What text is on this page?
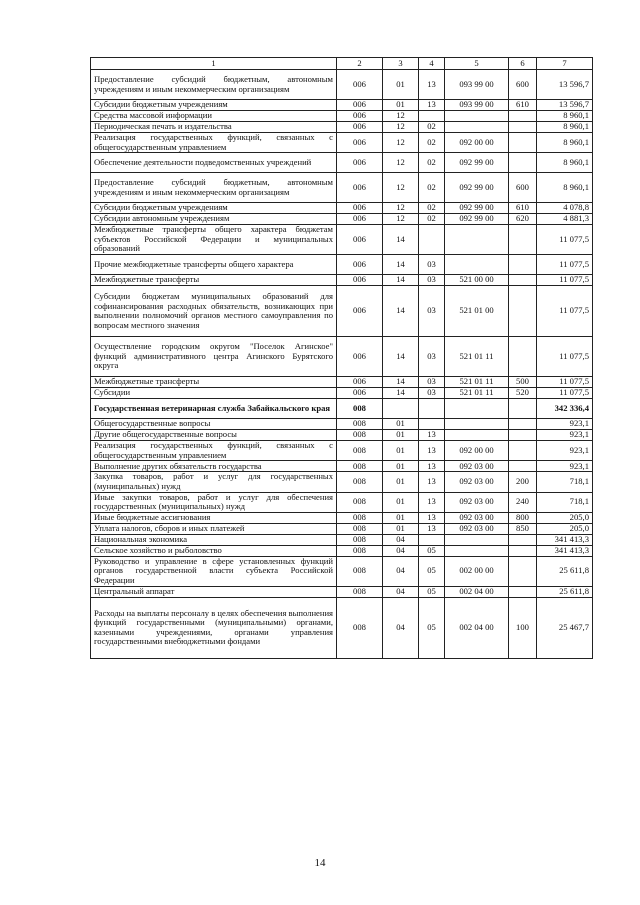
1	2	3	4	5	6	7
Предоставление субсидий бюджетным, автономным учреждениям и иным некоммерческим организациям	006	01	13	093 99 00	600	13 596,7
Субсидии бюджетным учреждениям	006	01	13	093 99 00	610	13 596,7
Средства массовой информации	006	12				8 960,1
Периодическая печать и издательства	006	12	02			8 960,1
Реализация государственных функций, связанных с общегосударственным управлением	006	12	02	092 00 00		8 960,1
Обеспечение деятельности подведомственных учреждений	006	12	02	092 99 00		8 960,1
Предоставление субсидий бюджетным, автономным учреждениям и иным некоммерческим организациям	006	12	02	092 99 00	600	8 960,1
Субсидии бюджетным учреждениям	006	12	02	092 99 00	610	4 078,8
Субсидии автономным учреждениям	006	12	02	092 99 00	620	4 881,3
Межбюджетные трансферты общего характера бюджетам субъектов Российской Федерации и муниципальных образований	006	14				11 077,5
Прочие межбюджетные трансферты общего характера	006	14	03			11 077,5
Межбюджетные трансферты	006	14	03	521 00 00		11 077,5
Субсидии бюджетам муниципальных образований для софинансирования расходных обязательств, возникающих при выполнении полномочий органов местного самоуправления по вопросам местного значения	006	14	03	521 01 00		11 077,5
Осуществление городским округом "Поселок Агинское" функций административного центра Агинского Бурятского округа	006	14	03	521 01 11		11 077,5
Межбюджетные трансферты	006	14	03	521 01 11	500	11 077,5
Субсидии	006	14	03	521 01 11	520	11 077,5
Государственная ветеринарная служба Забайкальского края	008					342 336,4
Общегосударственные вопросы	008	01				923,1
Другие общегосударственные вопросы	008	01	13			923,1
Реализация государственных функций, связанных с общегосударственным управлением	008	01	13	092 00 00		923,1
Выполнение других обязательств государства	008	01	13	092 03 00		923,1
Закупка товаров, работ и услуг для государственных (муниципальных) нужд	008	01	13	092 03 00	200	718,1
Иные закупки товаров, работ и услуг для обеспечения государственных (муниципальных) нужд	008	01	13	092 03 00	240	718,1
Иные бюджетные ассигнования	008	01	13	092 03 00	800	205,0
Уплата налогов, сборов и иных платежей	008	01	13	092 03 00	850	205,0
Национальная экономика	008	04				341 413,3
Сельское хозяйство и рыболовство	008	04	05			341 413,3
Руководство и управление в сфере установленных функций органов государственной власти субъекта Российской Федерации	008	04	05	002 00 00		25 611,8
Центральный аппарат	008	04	05	002 04 00		25 611,8
Расходы на выплаты персоналу в целях обеспечения выполнения функций государственными (муниципальными) органами, казенными учреждениями, органами управления государственными внебюджетными фондами	008	04	05	002 04 00	100	25 467,7
14
